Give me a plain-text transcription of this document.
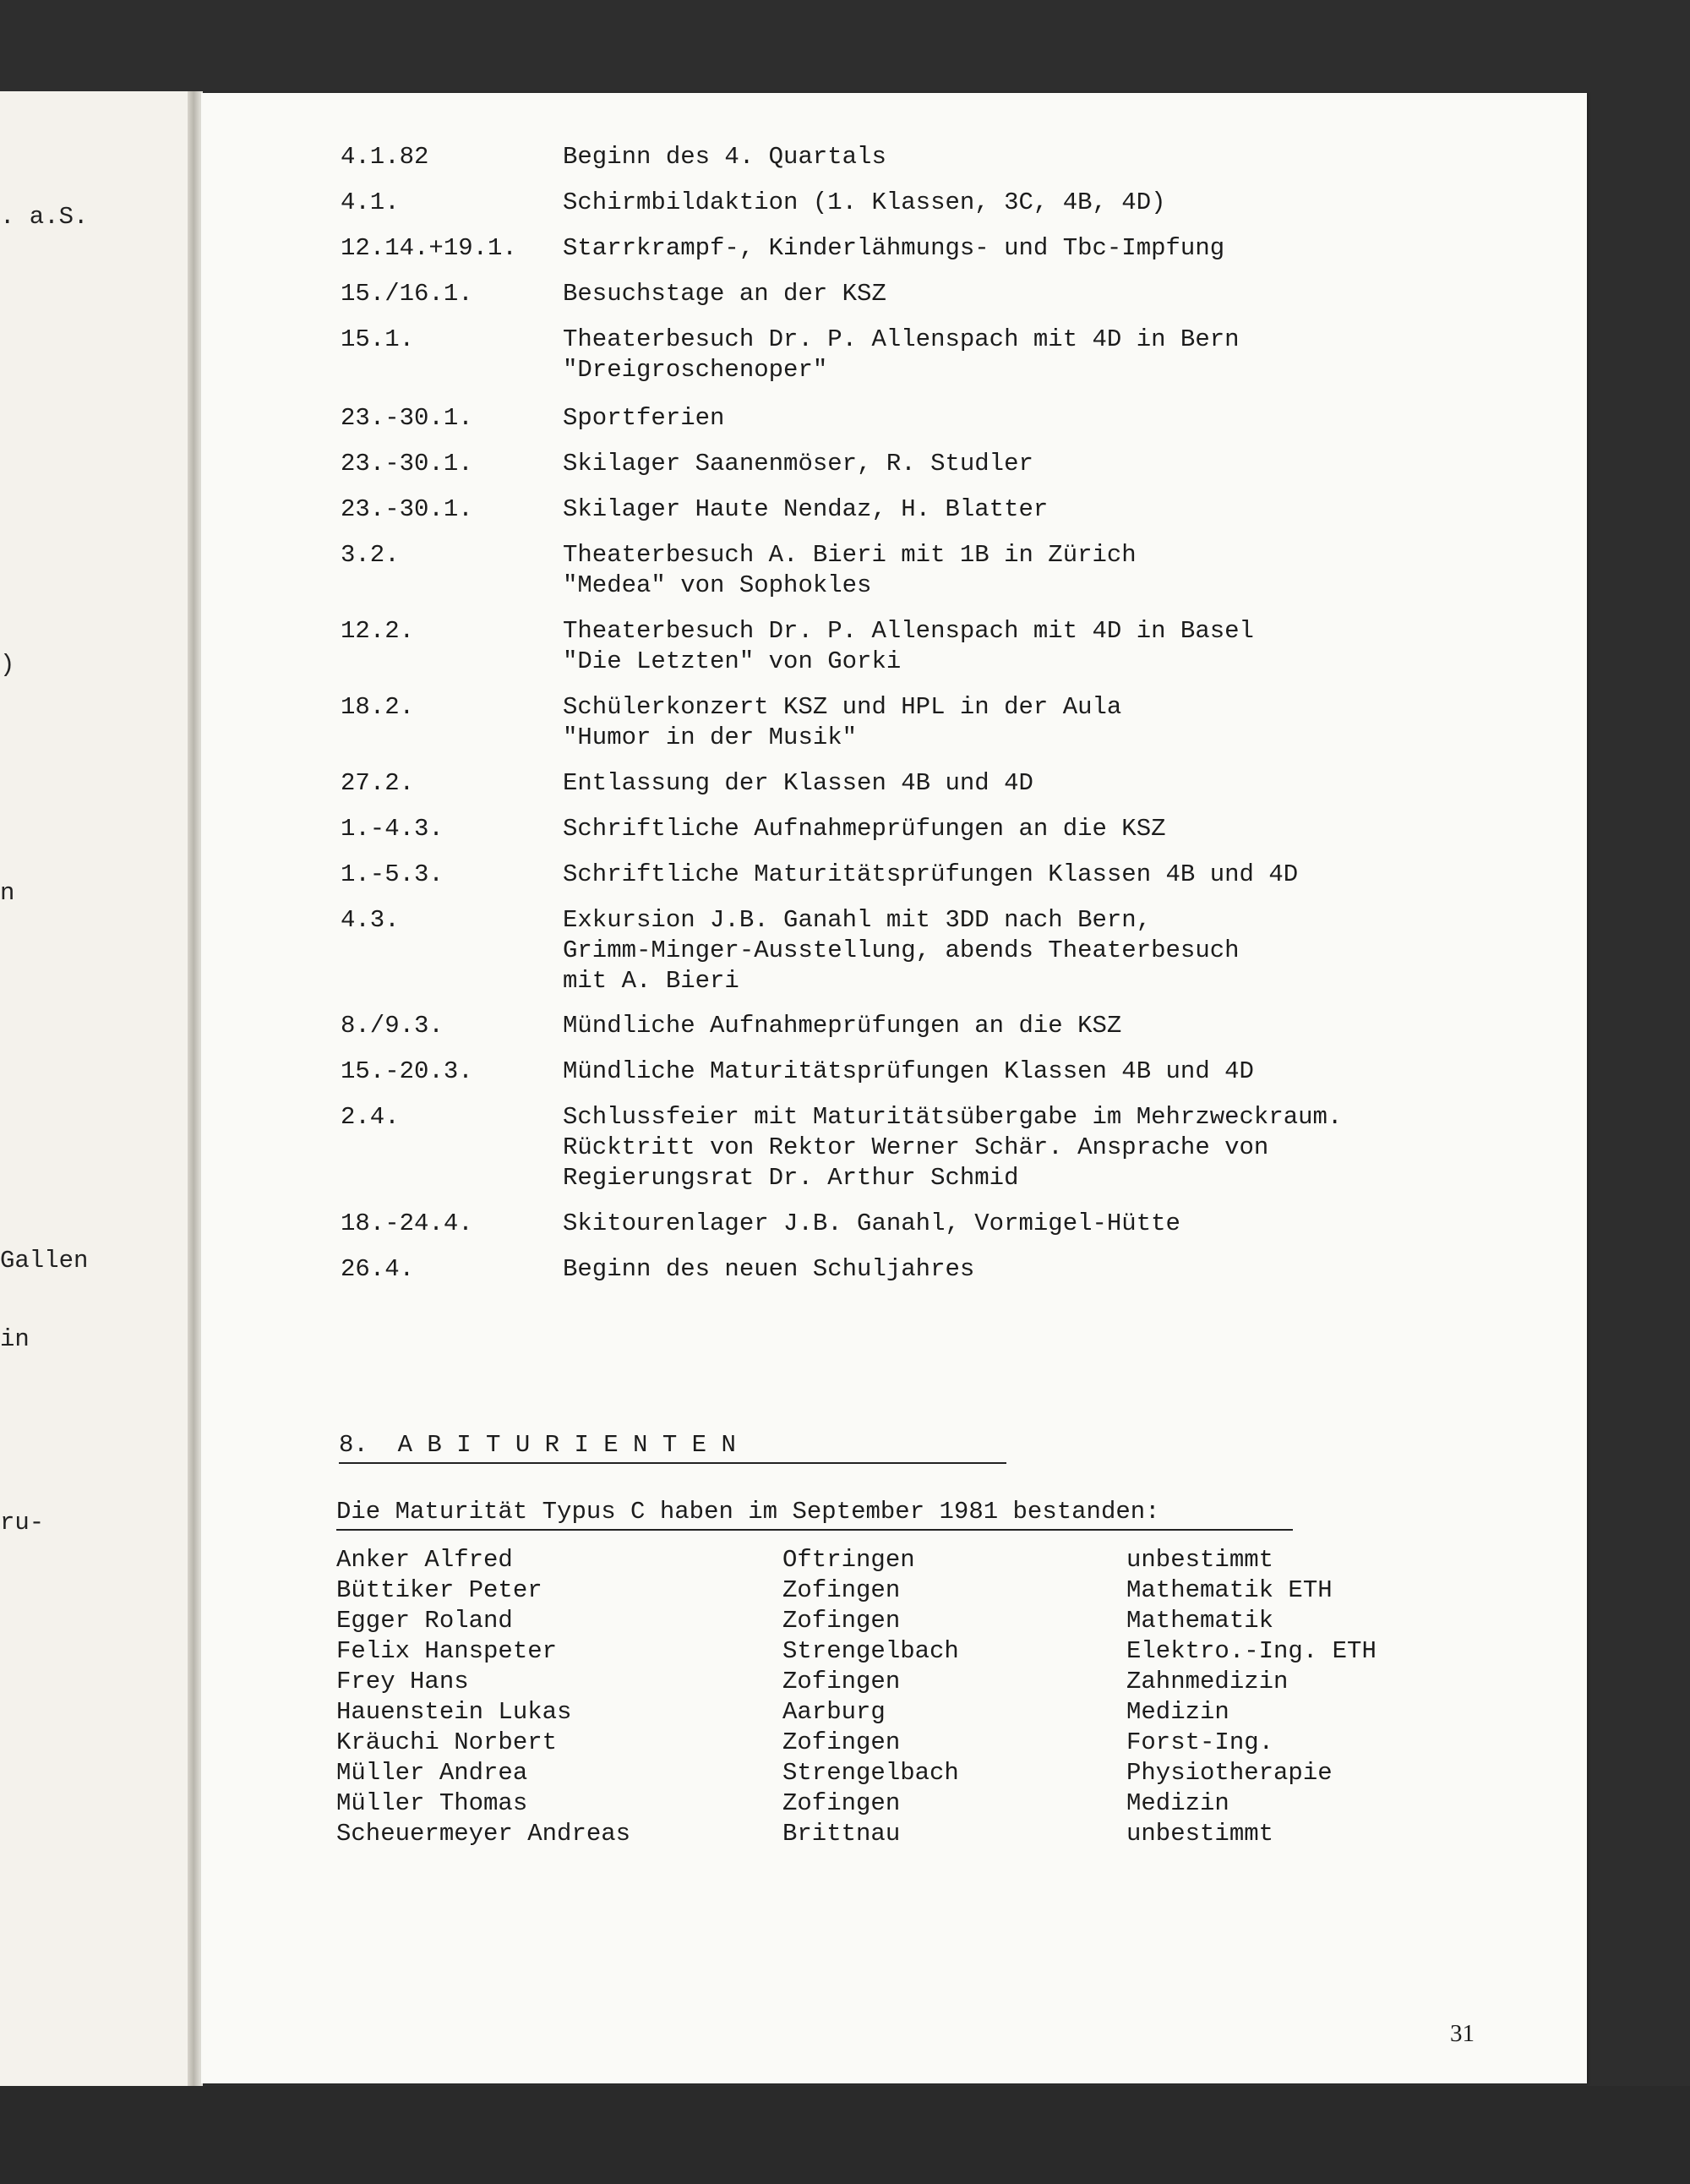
. a.S.
)
n
Gallen
in
ru-
4.1.82	Beginn des 4. Quartals
4.1.	Schirmbildaktion (1. Klassen, 3C, 4B, 4D)
12.14.+19.1. Starrkrampf-, Kinderlähmungs- und Tbc-Impfung
15./16.1.	Besuchstage an der KSZ
15.1.	Theaterbesuch Dr. P. Allenspach mit 4D in Bern
"Dreigroschenoper"
23.-30.1.	Sportferien
23.-30.1.	Skilager Saanenmöser, R. Studler
23.-30.1.	Skilager Haute Nendaz, H. Blatter
3.2.	Theaterbesuch A. Bieri mit 1B in Zürich
"Medea" von Sophokles
12.2.	Theaterbesuch Dr. P. Allenspach mit 4D in Basel
"Die Letzten" von Gorki
18.2.	Schülerkonzert KSZ und HPL in der Aula
"Humor in der Musik"
27.2.	Entlassung der Klassen 4B und 4D
1.-4.3.	Schriftliche Aufnahmeprüfungen an die KSZ
1.-5.3.	Schriftliche Maturitätsprüfungen Klassen 4B und 4D
4.3.	Exkursion J.B. Ganahl mit 3DD nach Bern,
Grimm-Minger-Ausstellung, abends Theaterbesuch
mit A. Bieri
8./9.3.	Mündliche Aufnahmeprüfungen an die KSZ
15.-20.3.	Mündliche Maturitätsprüfungen Klassen 4B und 4D
2.4.	Schlussfeier mit Maturitätsübergabe im Mehrzweckraum.
Rücktritt von Rektor Werner Schär. Ansprache von
Regierungsrat Dr. Arthur Schmid
18.-24.4.	Skitourenlager J.B. Ganahl, Vormigel-Hütte
26.4.	Beginn des neuen Schuljahres
8.  A B I T U R I E N T E N
Die Maturität Typus C haben im September 1981 bestanden:
Anker Alfred	Oftringen	unbestimmt
Büttiker Peter	Zofingen	Mathematik ETH
Egger Roland	Zofingen	Mathematik
Felix Hanspeter	Strengelbach	Elektro.-Ing. ETH
Frey Hans	Zofingen	Zahnmedizin
Hauenstein Lukas	Aarburg	Medizin
Kräuchi Norbert	Zofingen	Forst-Ing.
Müller Andrea	Strengelbach	Physiotherapie
Müller Thomas	Zofingen	Medizin
Scheuermeyer Andreas	Brittnau	unbestimmt
31
